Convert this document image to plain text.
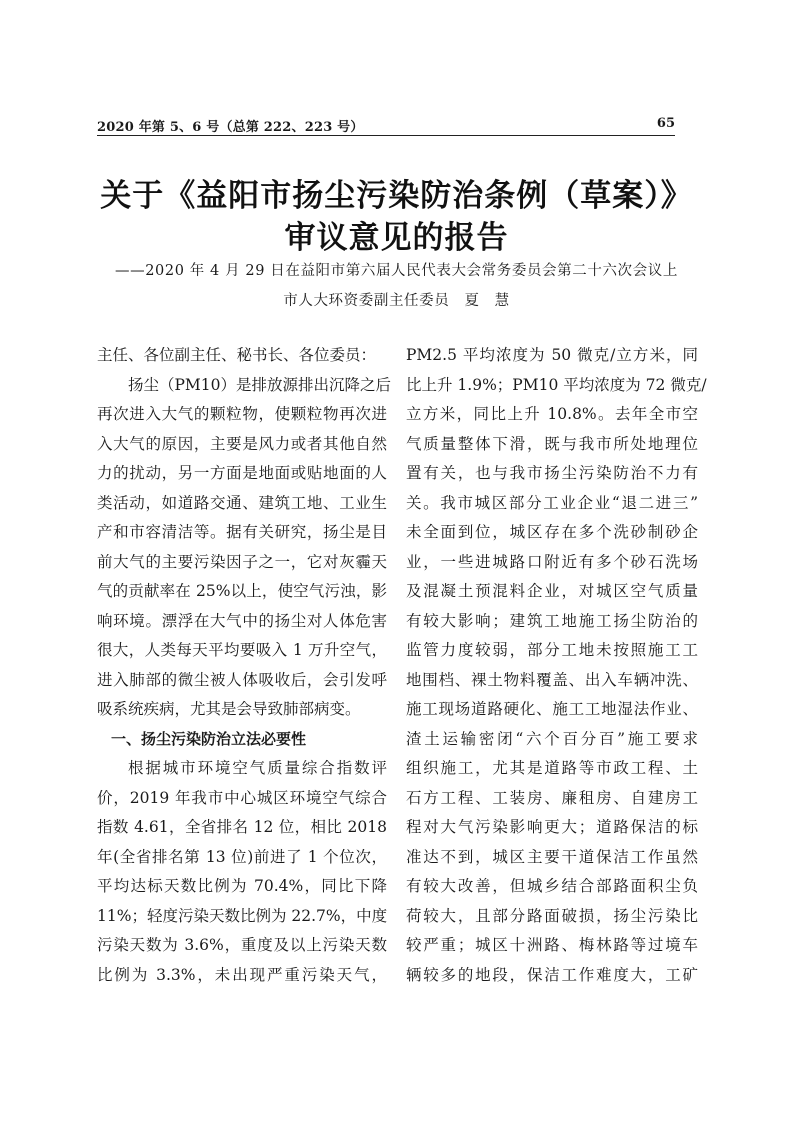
2020 年第 5、6 号（总第 222、223 号）	65
关于《益阳市扬尘污染防治条例（草案）》
审议意见的报告
——2020 年 4 月 29 日在益阳市第六届人民代表大会常务委员会第二十六次会议上
市人大环资委副主任委员　夏　慧
主任、各位副主任、秘书长、各位委员：
扬尘（PM10）是排放源排出沉降之后
再次进入大气的颗粒物，使颗粒物再次进
入大气的原因，主要是风力或者其他自然
力的扰动，另一方面是地面或贴地面的人
类活动，如道路交通、建筑工地、工业生
产和市容清洁等。据有关研究，扬尘是目
前大气的主要污染因子之一，它对灰霾天
气的贡献率在 25%以上，使空气污浊，影
响环境。漂浮在大气中的扬尘对人体危害
很大，人类每天平均要吸入 1 万升空气，
进入肺部的微尘被人体吸收后，会引发呼
吸系统疾病，尤其是会导致肺部病变。
一、扬尘污染防治立法必要性
根据城市环境空气质量综合指数评
价，2019 年我市中心城区环境空气综合
指数 4.61，全省排名 12 位，相比 2018
年(全省排名第 13 位)前进了 1 个位次，
平均达标天数比例为 70.4%，同比下降
11%；轻度污染天数比例为 22.7%，中度
污染天数为 3.6%，重度及以上污染天数
比例为 3.3%，未出现严重污染天气，
PM2.5 平均浓度为 50 微克/立方米，同
比上升 1.9%；PM10 平均浓度为 72 微克/
立方米，同比上升 10.8%。去年全市空
气质量整体下滑，既与我市所处地理位
置有关，也与我市扬尘污染防治不力有
关。我市城区部分工业企业“退二进三”
未全面到位，城区存在多个洗砂制砂企
业，一些进城路口附近有多个砂石洗场
及混凝土预混料企业，对城区空气质量
有较大影响；建筑工地施工扬尘防治的
监管力度较弱，部分工地未按照施工工
地围档、裸土物料覆盖、出入车辆冲洗、
施工现场道路硬化、施工工地湿法作业、
渣土运输密闭“六个百分百”施工要求
组织施工，尤其是道路等市政工程、土
石方工程、工装房、廉租房、自建房工
程对大气污染影响更大；道路保洁的标
准达不到，城区主要干道保洁工作虽然
有较大改善，但城乡结合部路面积尘负
荷较大，且部分路面破损，扬尘污染比
较严重；城区十洲路、梅林路等过境车
辆较多的地段，保洁工作难度大，工矿
